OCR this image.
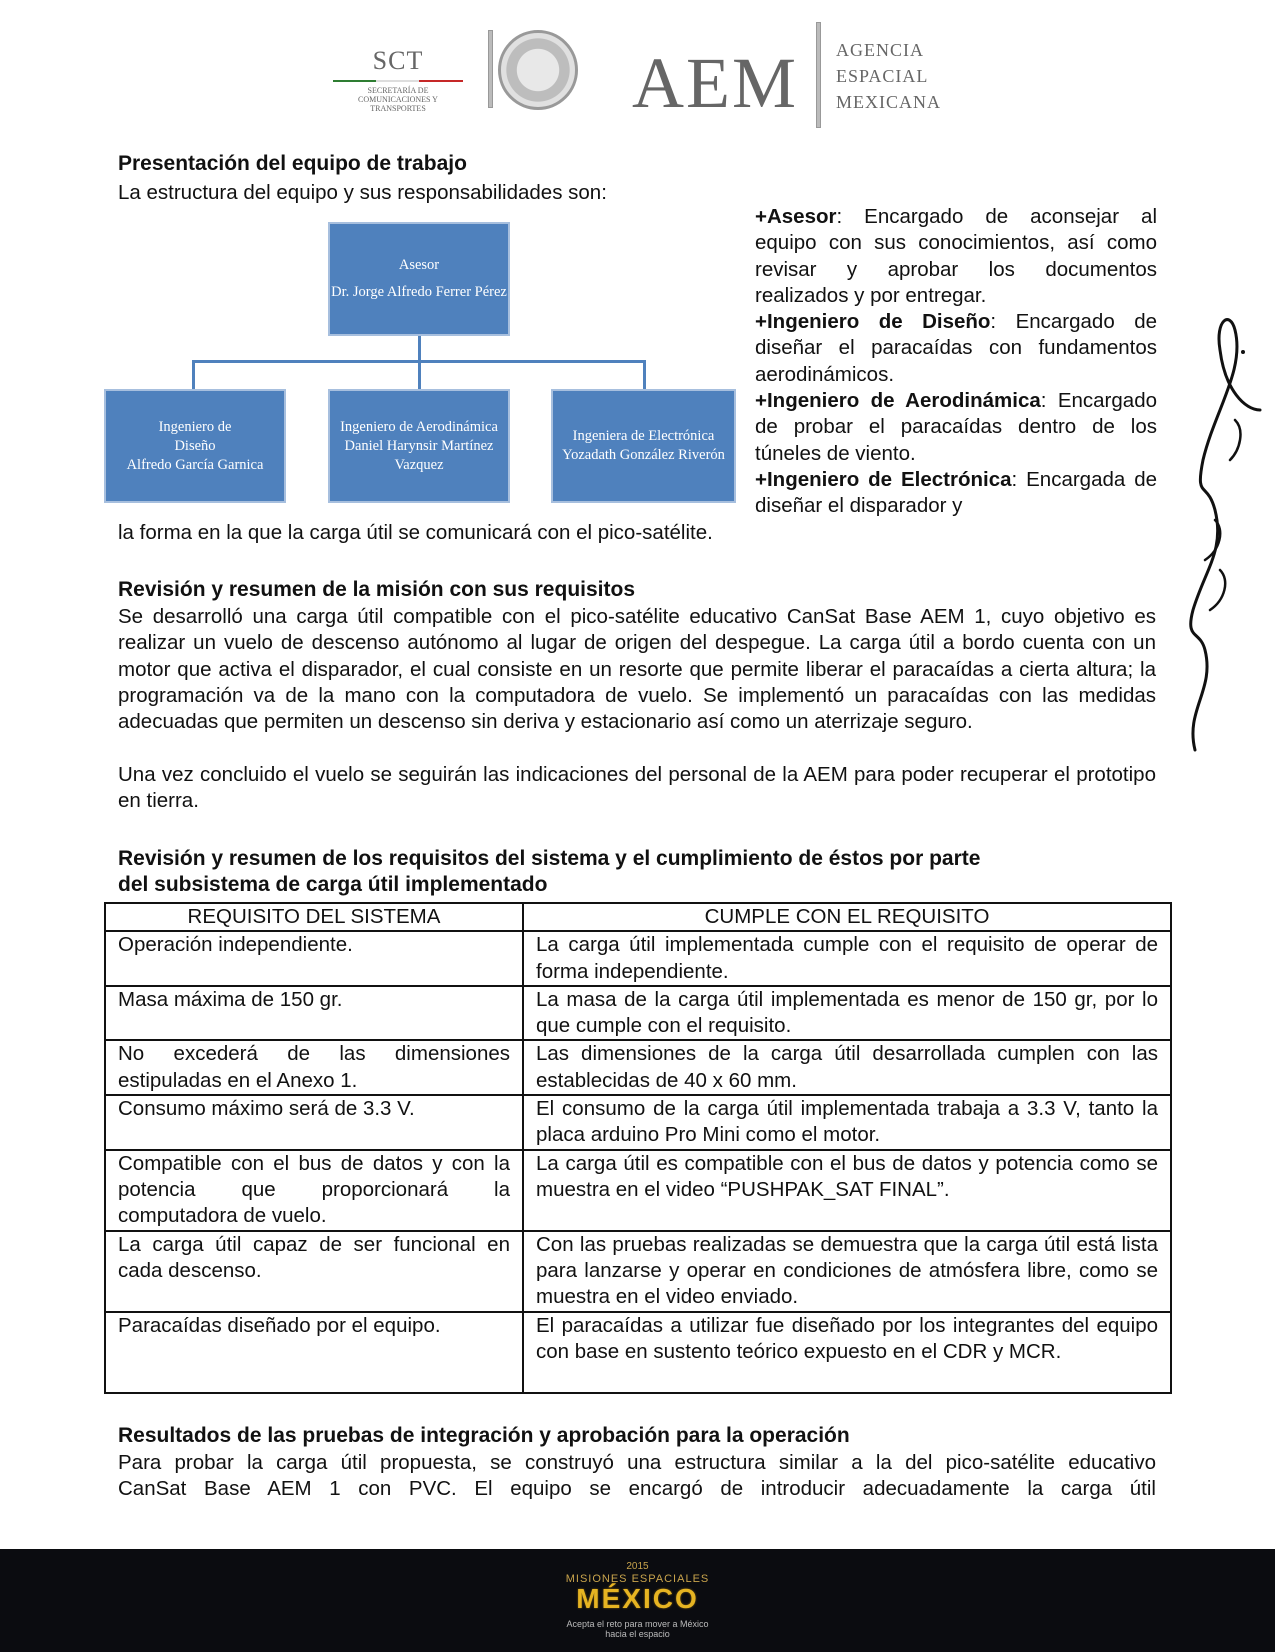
SCT
SECRETARÍA DE COMUNICACIONES Y TRANSPORTES	AEM AGENCIA
ESPACIAL
MEXICANA
Presentación del equipo de trabajo

La estructura del equipo y sus responsabilidades son:

Asesor
Dr. Jorge Alfredo Ferrer Pérez
Ingeniero de
Diseño
Alfredo García Garnica
Ingeniero de Aerodinámica
Daniel Harynsir Martínez
Vazquez
Ingeniera de Electrónica
Yozadath González Riverón
+Asesor: Encargado de aconsejar al equipo con sus conocimientos, así como revisar y aprobar los documentos realizados y por entregar.
+Ingeniero de Diseño: Encargado de diseñar el paracaídas con fundamentos aerodinámicos.
+Ingeniero de Aerodinámica: Encargado de probar el paracaídas dentro de los túneles de viento.
+Ingeniero de Electrónica: Encargada de diseñar el disparador y
la forma en la que la carga útil se comunicará con el pico-satélite.
Revisión y resumen de la misión con sus requisitos

Se desarrolló una carga útil compatible con el pico-satélite educativo CanSat Base AEM 1, cuyo objetivo es realizar un vuelo de descenso autónomo al lugar de origen del despegue. La carga útil a bordo cuenta con un motor que activa el disparador, el cual consiste en un resorte que permite liberar el paracaídas a cierta altura; la programación va de la mano con la computadora de vuelo. Se implementó un paracaídas con las medidas adecuadas que permiten un descenso sin deriva y estacionario así como un aterrizaje seguro.

Una vez concluido el vuelo se seguirán las indicaciones del personal de la AEM para poder recuperar el prototipo en tierra.

Revisión y resumen de los requisitos del sistema y el cumplimiento de éstos por parte
del subsistema de carga útil implementado
REQUISITO DEL SISTEMA	CUMPLE CON EL REQUISITO
Operación independiente.	La carga útil implementada cumple con el requisito de operar de forma independiente.
Masa máxima de 150 gr.	La masa de la carga útil implementada es menor de 150 gr, por lo que cumple con el requisito.
No excederá de las dimensiones estipuladas en el Anexo 1.	Las dimensiones de la carga útil desarrollada cumplen con las establecidas de 40 x 60 mm.
Consumo máximo será de 3.3 V.	El consumo de la carga útil implementada trabaja a 3.3 V, tanto la placa arduino Pro Mini como el motor.
Compatible con el bus de datos y con la potencia que proporcionará la computadora de vuelo.	La carga útil es compatible con el bus de datos y potencia como se muestra en el video “PUSHPAK_SAT FINAL”.
La carga útil capaz de ser funcional en cada descenso.	Con las pruebas realizadas se demuestra que la carga útil está lista para lanzarse y operar en condiciones de atmósfera libre, como se muestra en el video enviado.
Paracaídas diseñado por el equipo.	El paracaídas a utilizar fue diseñado por los integrantes del equipo con base en sustento teórico expuesto en el CDR y MCR.
Resultados de las pruebas de integración y aprobación para la operación
Para probar la carga útil propuesta, se construyó una estructura similar a la del pico-satélite educativo
CanSat Base AEM 1 con PVC. El equipo se encargó de introducir adecuadamente la carga útil
2015
MISIONES ESPACIALES
MÉXICO
Acepta el reto para mover a México
hacia el espacio
